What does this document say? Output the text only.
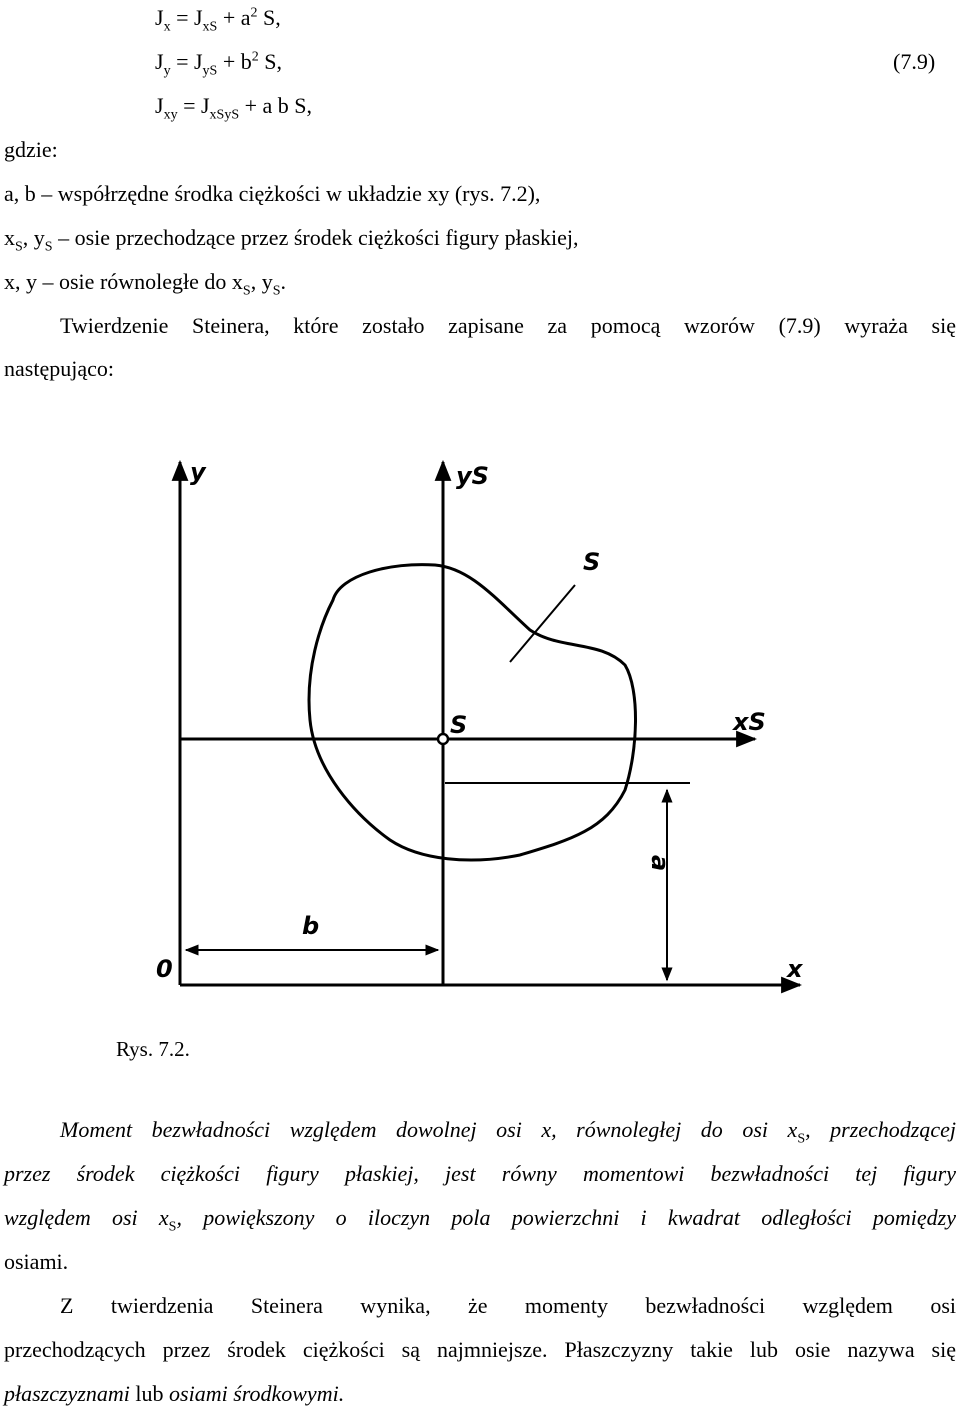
$J_x = J_{xS} + a^2$ S,
$J_y = J_{yS} + b^2$ S,	(7.9)
$J_{xy} = J_{xSyS} + a$ b S,
gdzie:
a, b – współrzędne środka ciężkości w układzie xy (rys. 7.2),
$x_S$, $y_S$ – osie przechodzące przez środek ciężkości figury płaskiej,
x, y – osie równoległe do $x_S$, $y_S$.
Twierdzenie Steinera, które zostało zapisane za pomocą wzorów (7.9) wyraża się
następująco:
y	yS
S
S	xS
a
b
0	x
Rys. 7.2.
Moment bezwładności względem dowolnej osi x, równoległej do osi $x_S$, przechodzącej
przez środek ciężkości figury płaskiej, jest równy momentowi bezwładności tej figury
względem osi $x_S$, powiększony o iloczyn pola powierzchni i kwadrat odległości pomiędzy
osiami.
Z twierdzenia Steinera wynika, że momenty bezwładności względem osi
przechodzących przez środek ciężkości są najmniejsze. Płaszczyzny takie lub osie nazywa się
płaszczyznami lub osiami środkowymi.
